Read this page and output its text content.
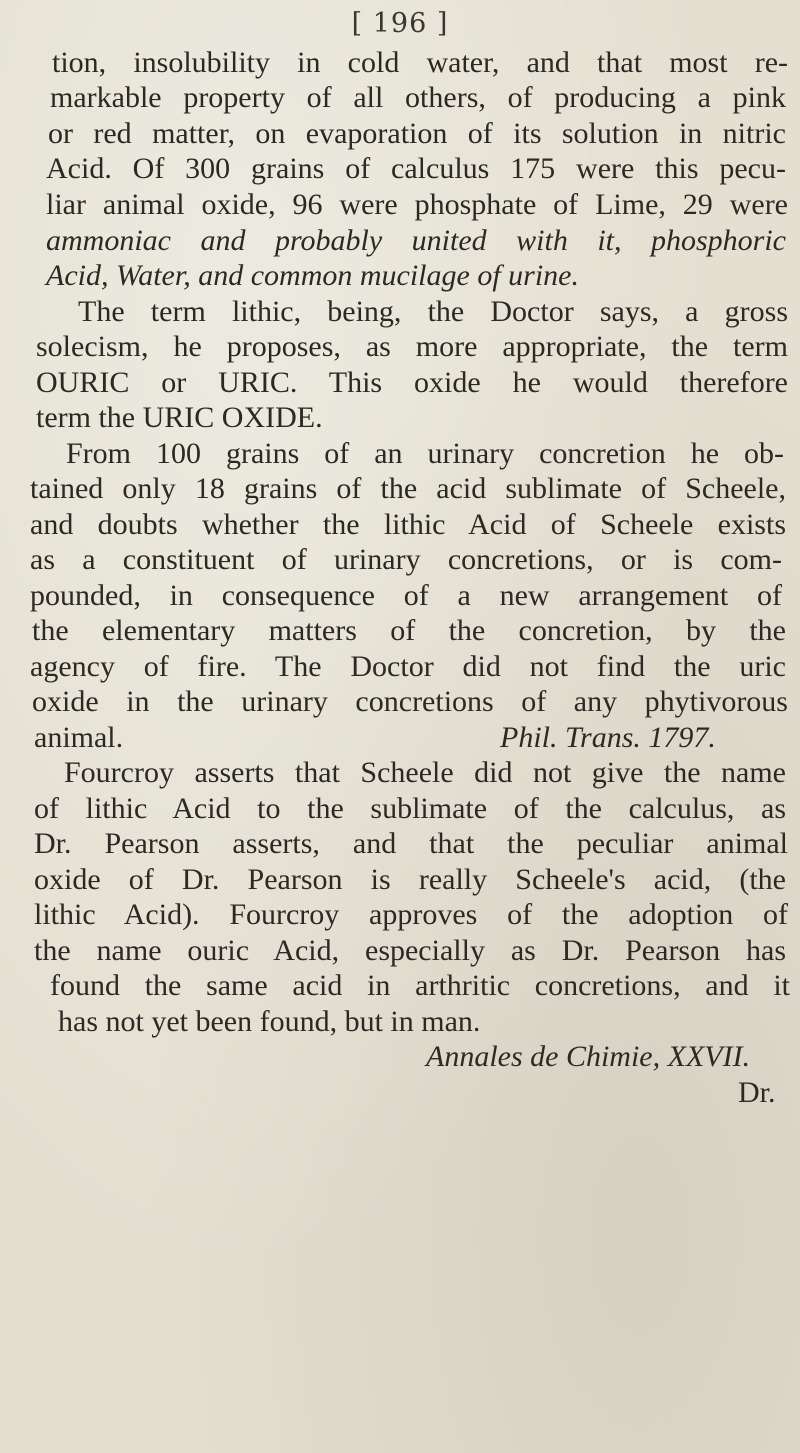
[ 196 ]
tion, insolubility in cold water, and that most re-
markable property of all others, of producing a pink
or red matter, on evaporation of its solution in nitric
Acid. Of 300 grains of calculus 175 were this pecu-
liar animal oxide, 96 were phosphate of Lime, 29 were
ammoniac and probably united with it, phosphoric
Acid, Water, and common mucilage of urine.
The term lithic, being, the Doctor says, a gross
solecism, he proposes, as more appropriate, the term
OURIC or URIC. This oxide he would therefore
term the URIC OXIDE.
From 100 grains of an urinary concretion he ob-
tained only 18 grains of the acid sublimate of Scheele,
and doubts whether the lithic Acid of Scheele exists
as a constituent of urinary concretions, or is com-
pounded, in consequence of a new arrangement of
the elementary matters of the concretion, by the
agency of fire. The Doctor did not find the uric
oxide in the urinary concretions of any phytivorous
animal.	Phil. Trans. 1797.
Fourcroy asserts that Scheele did not give the name
of lithic Acid to the sublimate of the calculus, as
Dr. Pearson asserts, and that the peculiar animal
oxide of Dr. Pearson is really Scheele's acid, (the
lithic Acid). Fourcroy approves of the adoption of
the name ouric Acid, especially as Dr. Pearson has
found the same acid in arthritic concretions, and it
has not yet been found, but in man.
Annales de Chimie, XXVII.
Dr.
